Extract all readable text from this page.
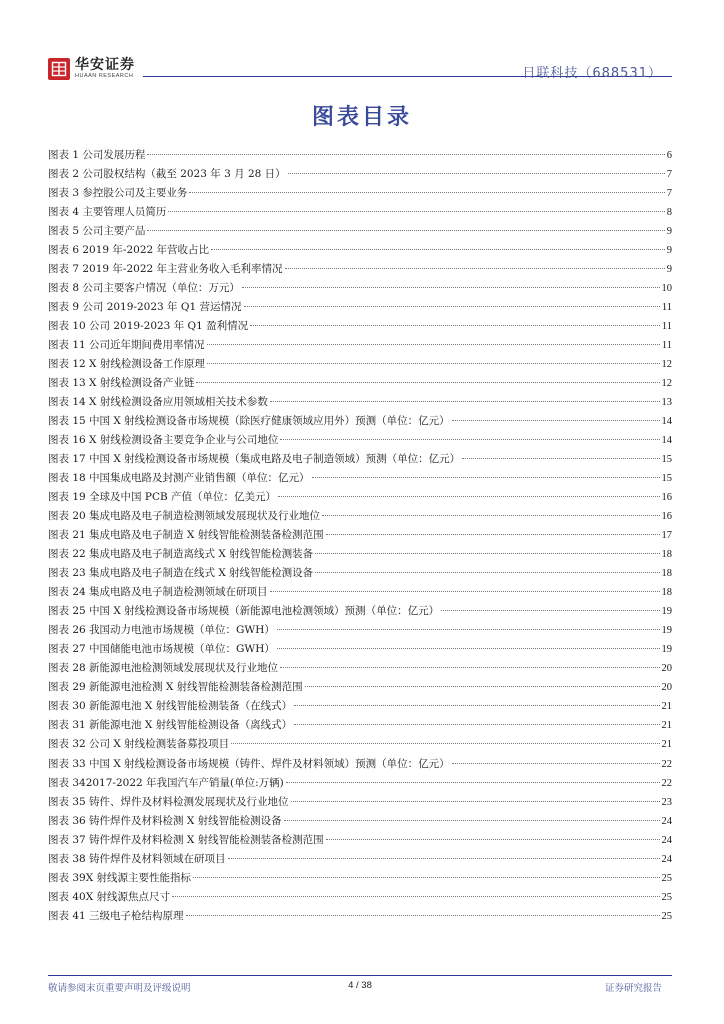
华安证券
HUAAN RESEARCH	日联科技（688531）
图表目录
图表 1 公司发展历程	6
图表 2 公司股权结构（截至 2023 年 3 月 28 日）	7
图表 3 参控股公司及主要业务	7
图表 4 主要管理人员简历	8
图表 5 公司主要产品	9
图表 6 2019 年-2022 年营收占比	9
图表 7 2019 年-2022 年主营业务收入毛利率情况	9
图表 8 公司主要客户情况（单位：万元）	10
图表 9 公司 2019-2023 年 Q1 营运情况	11
图表 10 公司 2019-2023 年 Q1 盈利情况	11
图表 11 公司近年期间费用率情况	11
图表 12 X 射线检测设备工作原理	12
图表 13 X 射线检测设备产业链	12
图表 14 X 射线检测设备应用领域相关技术参数	13
图表 15 中国 X 射线检测设备市场规模（除医疗健康领域应用外）预测（单位：亿元）	14
图表 16 X 射线检测设备主要竞争企业与公司地位	14
图表 17 中国 X 射线检测设备市场规模（集成电路及电子制造领域）预测（单位：亿元）	15
图表 18 中国集成电路及封测产业销售额（单位：亿元）	15
图表 19 全球及中国 PCB 产值（单位：亿美元）	16
图表 20 集成电路及电子制造检测领域发展现状及行业地位	16
图表 21 集成电路及电子制造 X 射线智能检测装备检测范围	17
图表 22 集成电路及电子制造离线式 X 射线智能检测装备	18
图表 23 集成电路及电子制造在线式 X 射线智能检测设备	18
图表 24 集成电路及电子制造检测领域在研项目	18
图表 25 中国 X 射线检测设备市场规模（新能源电池检测领域）预测（单位：亿元）	19
图表 26 我国动力电池市场规模（单位：GWH）	19
图表 27 中国储能电池市场规模（单位：GWH）	19
图表 28 新能源电池检测领域发展现状及行业地位	20
图表 29 新能源电池检测 X 射线智能检测装备检测范围	20
图表 30 新能源电池 X 射线智能检测装备（在线式）	21
图表 31 新能源电池 X 射线智能检测设备（离线式）	21
图表 32 公司 X 射线检测装备募投项目	21
图表 33 中国 X 射线检测设备市场规模（铸件、焊件及材料领域）预测（单位：亿元）	22
图表 342017-2022 年我国汽车产销量(单位:万辆)	22
图表 35 铸件、焊件及材料检测发展现状及行业地位	23
图表 36 铸件焊件及材料检测 X 射线智能检测设备	24
图表 37 铸件焊件及材料检测 X 射线智能检测装备检测范围	24
图表 38 铸件焊件及材料领域在研项目	24
图表 39X 射线源主要性能指标	25
图表 40X 射线源焦点尺寸	25
图表 41 三级电子枪结构原理	25
敬请参阅末页重要声明及评级说明	4 / 38	证券研究报告
